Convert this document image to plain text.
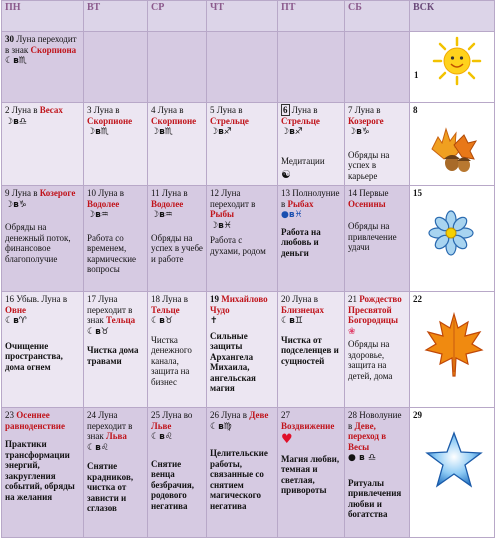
ПН	ВТ	СР	ЧТ	ПТ	СБ	ВСК
30 Луна переходит в знак Скорпиона
☾в♏						1

2 Луна в Весах
☽в♎	3 Луна в Скорпионе
☽в♏	4 Луна в Скорпионе
☽в♏	5 Луна в Стрельце
☽в♐	6 Луна в Стрельце
☽в♐
Медитации
☯	7 Луна в Козероге
☽в♑
Обряды на успех в карьере	8

9 Луна в Козероге
☽в♑
Обряды на денежный поток, финансовое благополучие	10 Луна в Водолее
☽в♒
Работа со временем, кармические вопросы	11 Луна в Водолее
☽в♒
Обряды на успех в учебе и работе	12 Луна переходит в Рыбы
☽в♓
Работа с духами, родом	13 Полнолуние в Рыбах
●в♓
Работа на любовь и деньги	14 Первые Осенины
Обряды на привлечение удачи	15

16 Убыв. Луна в Овне
☾в♈
Очищение пространства, дома огнем	17 Луна переходит в знак Тельца
☾в♉
Чистка дома травами	18 Луна в Тельце
☾в♉
Чистка денежного канала, защита на бизнес	19 Михайлово Чудо
✝
Сильные защиты Архангела Михаила, ангельская магия	20 Луна в Близнецах
☾в♊
Чистка от подселенцев и сущностей	21 Рождество Пресвятой Богородицы
❀
Обряды на здоровье, защита на детей, дома	22

23 Осеннее равноденствие
Практики трансформации энергий, закругления событий, обряды на желания	24 Луна переходит в знак Льва
☾в♌
Снятие крадников, чистка от зависти и сглазов	25 Луна во Льве
☾в♌
Снятие венца безбрачия, родового негатива	26 Луна в Деве
☾в♍
Целительские работы, связанные со снятием магического негатива	27 Воздвижение
♥
Магия любви, темная и светлая, привороты	28 Новолуние в Деве, переход в Весы
● в ♎
Ритуалы привлечения любви и богатства	29
